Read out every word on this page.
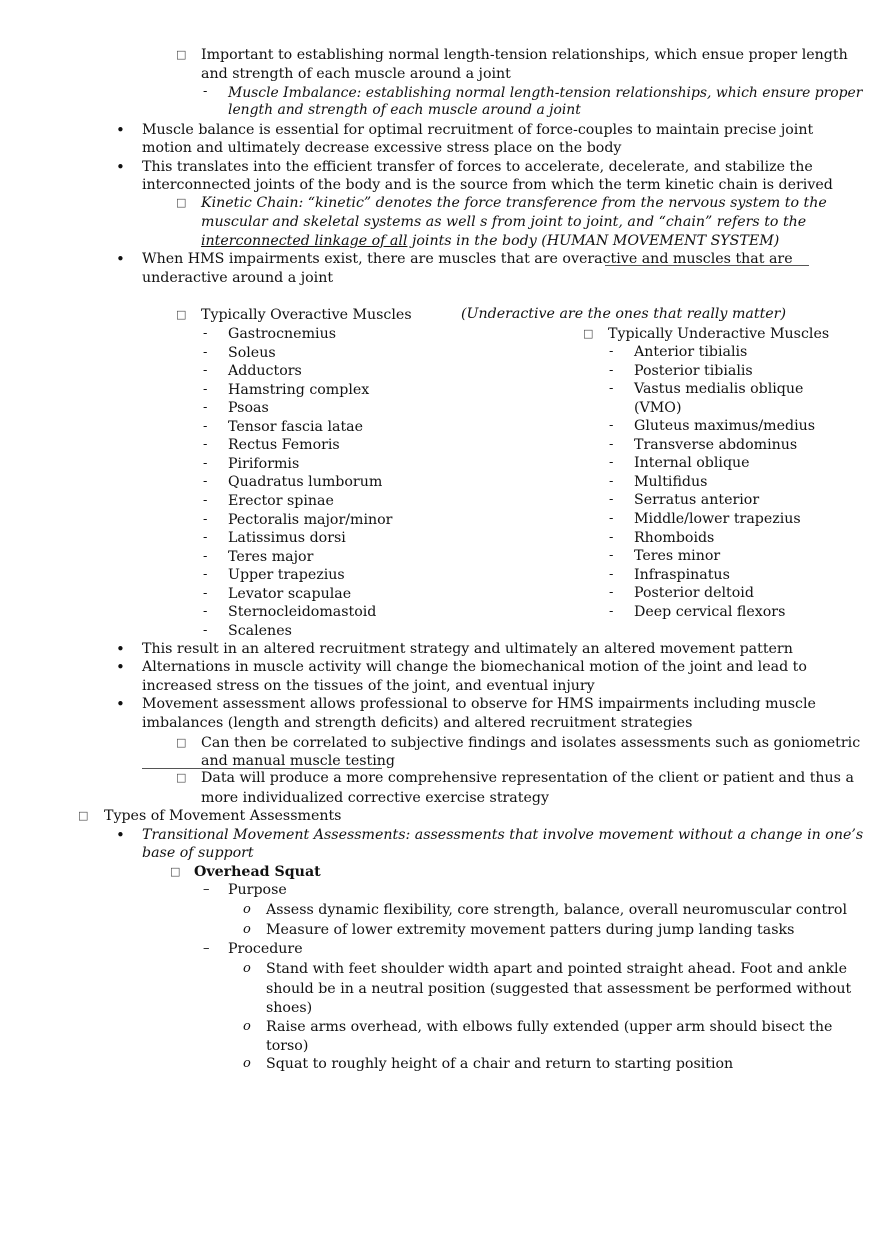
□ Important to establishing normal length-tension relationships, which ensue proper length
and strength of each muscle around a joint
- Muscle Imbalance: establishing normal length-tension relationships, which ensure proper
length and strength of each muscle around a joint
• Muscle balance is essential for optimal recruitment of force-couples to maintain precise joint
motion and ultimately decrease excessive stress place on the body
• This translates into the efficient transfer of forces to accelerate, decelerate, and stabilize the
interconnected joints of the body and is the source from which the term kinetic chain is derived
□ Kinetic Chain: “kinetic” denotes the force transference from the nervous system to the
muscular and skeletal systems as well s from joint to joint, and “chain” refers to the
interconnected linkage of all joints in the body (HUMAN MOVEMENT SYSTEM)
• When HMS impairments exist, there are muscles that are overactive and muscles that are
underactive around a joint
□ Typically Overactive Muscles
- Gastrocnemius
- Soleus
- Adductors
- Hamstring complex
- Psoas
- Tensor fascia latae
- Rectus Femoris
- Piriformis
- Quadratus lumborum
- Erector spinae
- Pectoralis major/minor
- Latissimus dorsi
- Teres major
- Upper trapezius
- Levator scapulae
- Sternocleidomastoid
- Scalenes
(Underactive are the ones that really matter)
□ Typically Underactive Muscles
- Anterior tibialis
- Posterior tibialis
- Vastus medialis oblique
(VMO)
- Gluteus maximus/medius
- Transverse abdominus
- Internal oblique
- Multifidus
- Serratus anterior
- Middle/lower trapezius
- Rhomboids
- Teres minor
- Infraspinatus
- Posterior deltoid
- Deep cervical flexors
• This result in an altered recruitment strategy and ultimately an altered movement pattern
• Alternations in muscle activity will change the biomechanical motion of the joint and lead to
increased stress on the tissues of the joint, and eventual injury
• Movement assessment allows professional to observe for HMS impairments including muscle
imbalances (length and strength deficits) and altered recruitment strategies
□ Can then be correlated to subjective findings and isolates assessments such as goniometric
and manual muscle testing
□ Data will produce a more comprehensive representation of the client or patient and thus a
more individualized corrective exercise strategy
□ Types of Movement Assessments
• Transitional Movement Assessments: assessments that involve movement without a change in one’s
base of support
□ Overhead Squat
– Purpose
o Assess dynamic flexibility, core strength, balance, overall neuromuscular control
o Measure of lower extremity movement patters during jump landing tasks
– Procedure
o Stand with feet shoulder width apart and pointed straight ahead. Foot and ankle
should be in a neutral position (suggested that assessment be performed without
shoes)
o Raise arms overhead, with elbows fully extended (upper arm should bisect the
torso)
o Squat to roughly height of a chair and return to starting position
